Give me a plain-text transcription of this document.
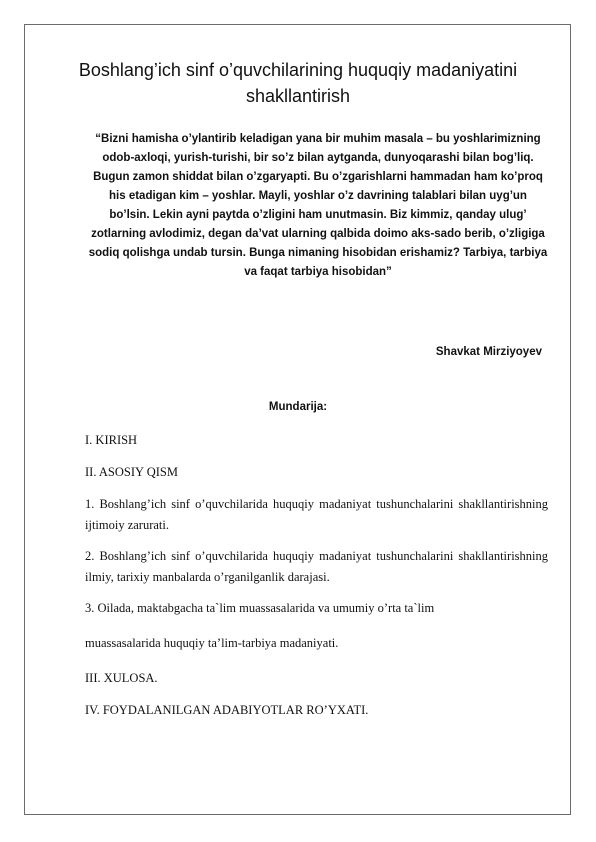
Boshlang’ich sinf o’quvchilarining huquqiy madaniyatini shakllantirish

“Bizni hamisha o’ylantirib keladigan yana bir muhim masala – bu yoshlarimizning odob-axloqi, yurish-turishi, bir so’z bilan aytganda, dunyoqarashi bilan bog’liq. Bugun zamon shiddat bilan o’zgaryapti. Bu o’zgarishlarni hammadan ham ko’proq his etadigan kim – yoshlar. Mayli, yoshlar o’z davrining talablari bilan uyg’un bo’lsin. Lekin ayni paytda o’zligini ham unutmasin. Biz kimmiz, qanday ulug’ zotlarning avlodimiz, degan da’vat ularning qalbida doimo aks-sado berib, o’zligiga sodiq qolishga undab tursin. Bunga nimaning hisobidan erishamiz? Tarbiya, tarbiya va faqat tarbiya hisobidan”

Shavkat Mirziyoyev
Mundarija:
I. KIRISH
II. ASOSIY QISM
1. Boshlang’ich sinf o’quvchilarida huquqiy madaniyat tushunchalarini shakllantirishning ijtimoiy zarurati.
2. Boshlang’ich sinf o’quvchilarida huquqiy madaniyat tushunchalarini shakllantirishning ilmiy, tarixiy manbalarda o’rganilganlik darajasi.
3. Oilada, maktabgacha ta`lim muassasalarida va umumiy o’rta ta`lim
muassasalarida huquqiy ta’lim-tarbiya madaniyati.
III. XULOSA.
IV. FOYDALANILGAN ADABIYOTLAR RO’YXATI.
